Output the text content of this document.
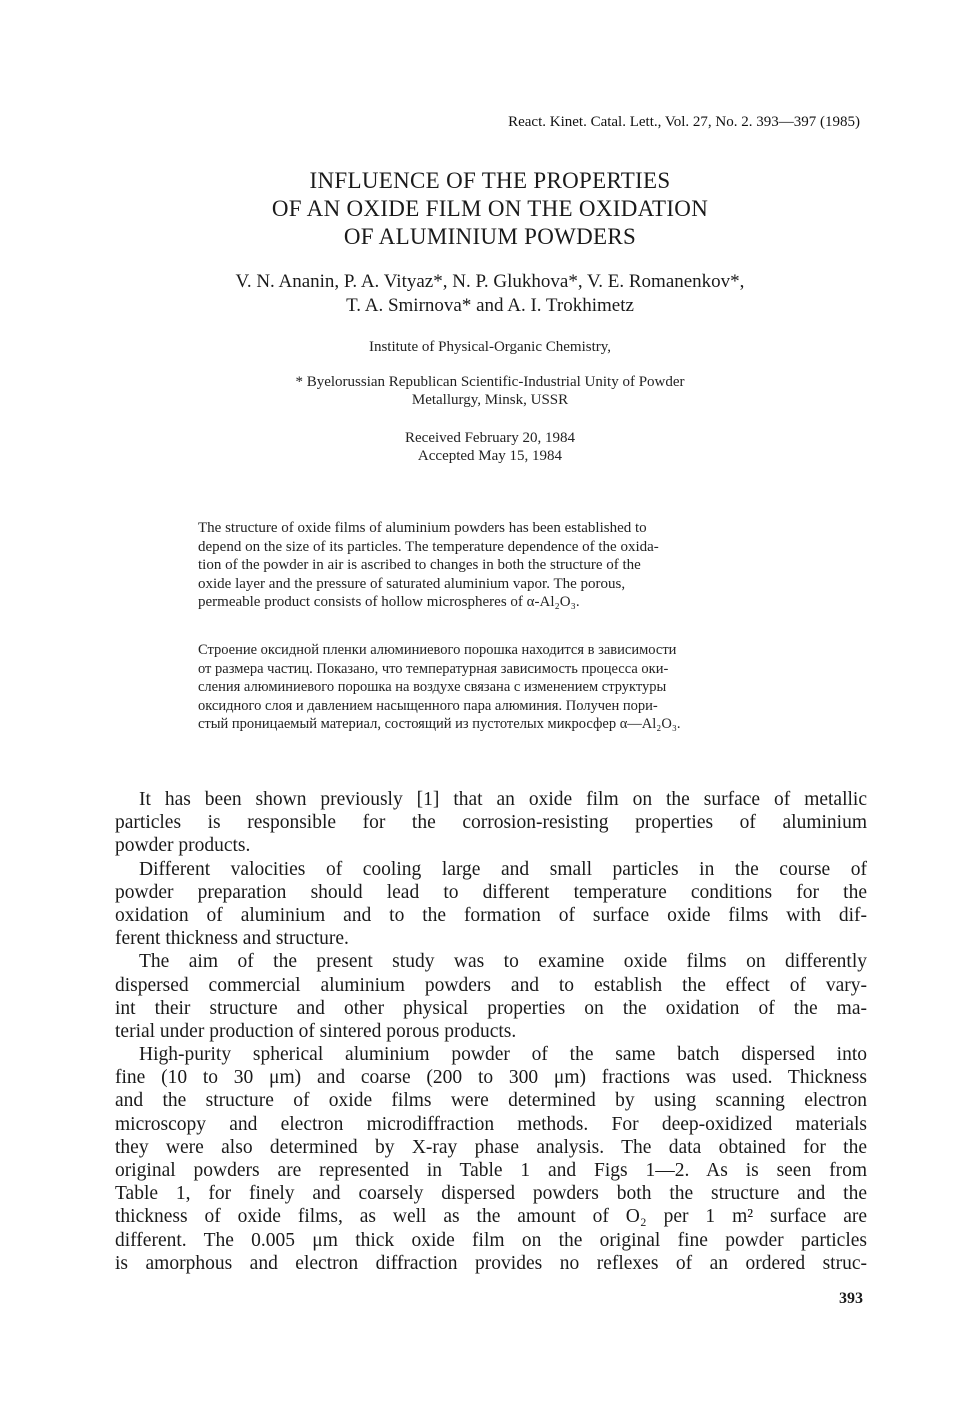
React. Kinet. Catal. Lett., Vol. 27, No. 2. 393—397 (1985)
INFLUENCE OF THE PROPERTIES
OF AN OXIDE FILM ON THE OXIDATION
OF ALUMINIUM POWDERS
V. N. Ananin, P. A. Vityaz*, N. P. Glukhova*, V. E. Romanenkov*,
T. A. Smirnova* and A. I. Trokhimetz
Institute of Physical-Organic Chemistry,
* Byelorussian Republican Scientific-Industrial Unity of Powder
Metallurgy, Minsk, USSR
Received February 20, 1984
Accepted May 15, 1984
The structure of oxide films of aluminium powders has been established to
depend on the size of its particles. The temperature dependence of the oxida-
tion of the powder in air is ascribed to changes in both the structure of the
oxide layer and the pressure of saturated aluminium vapor. The porous,
permeable product consists of hollow microspheres of α-Al₂O₃.
Строение оксидной пленки алюминиевого порошка находится в зависимости
от размера частиц. Показано, что температурная зависимость процесса оки-
сления алюминиевого порошка на воздухе связана с изменением структуры
оксидного слоя и давлением насыщенного пара алюминия. Получен пори-
стый проницаемый материал, состоящий из пустотелых микросфер α—Al₂O₃.
It has been shown previously [1] that an oxide film on the surface of metallic
particles is responsible for the corrosion-resisting properties of aluminium
powder products.
Different valocities of cooling large and small particles in the course of
powder preparation should lead to different temperature conditions for the
oxidation of aluminium and to the formation of surface oxide films with dif-
ferent thickness and structure.
The aim of the present study was to examine oxide films on differently
dispersed commercial aluminium powders and to establish the effect of vary-
int their structure and other physical properties on the oxidation of the ma-
terial under production of sintered porous products.
High-purity spherical aluminium powder of the same batch dispersed into
fine (10 to 30 μm) and coarse (200 to 300 μm) fractions was used. Thickness
and the structure of oxide films were determined by using scanning electron
microscopy and electron microdiffraction methods. For deep-oxidized materials
they were also determined by X-ray phase analysis. The data obtained for the
original powders are represented in Table 1 and Figs 1—2. As is seen from
Table 1, for finely and coarsely dispersed powders both the structure and the
thickness of oxide films, as well as the amount of O₂ per 1 m² surface are
different. The 0.005 μm thick oxide film on the original fine powder particles
is amorphous and electron diffraction provides no reflexes of an ordered struc-
393
